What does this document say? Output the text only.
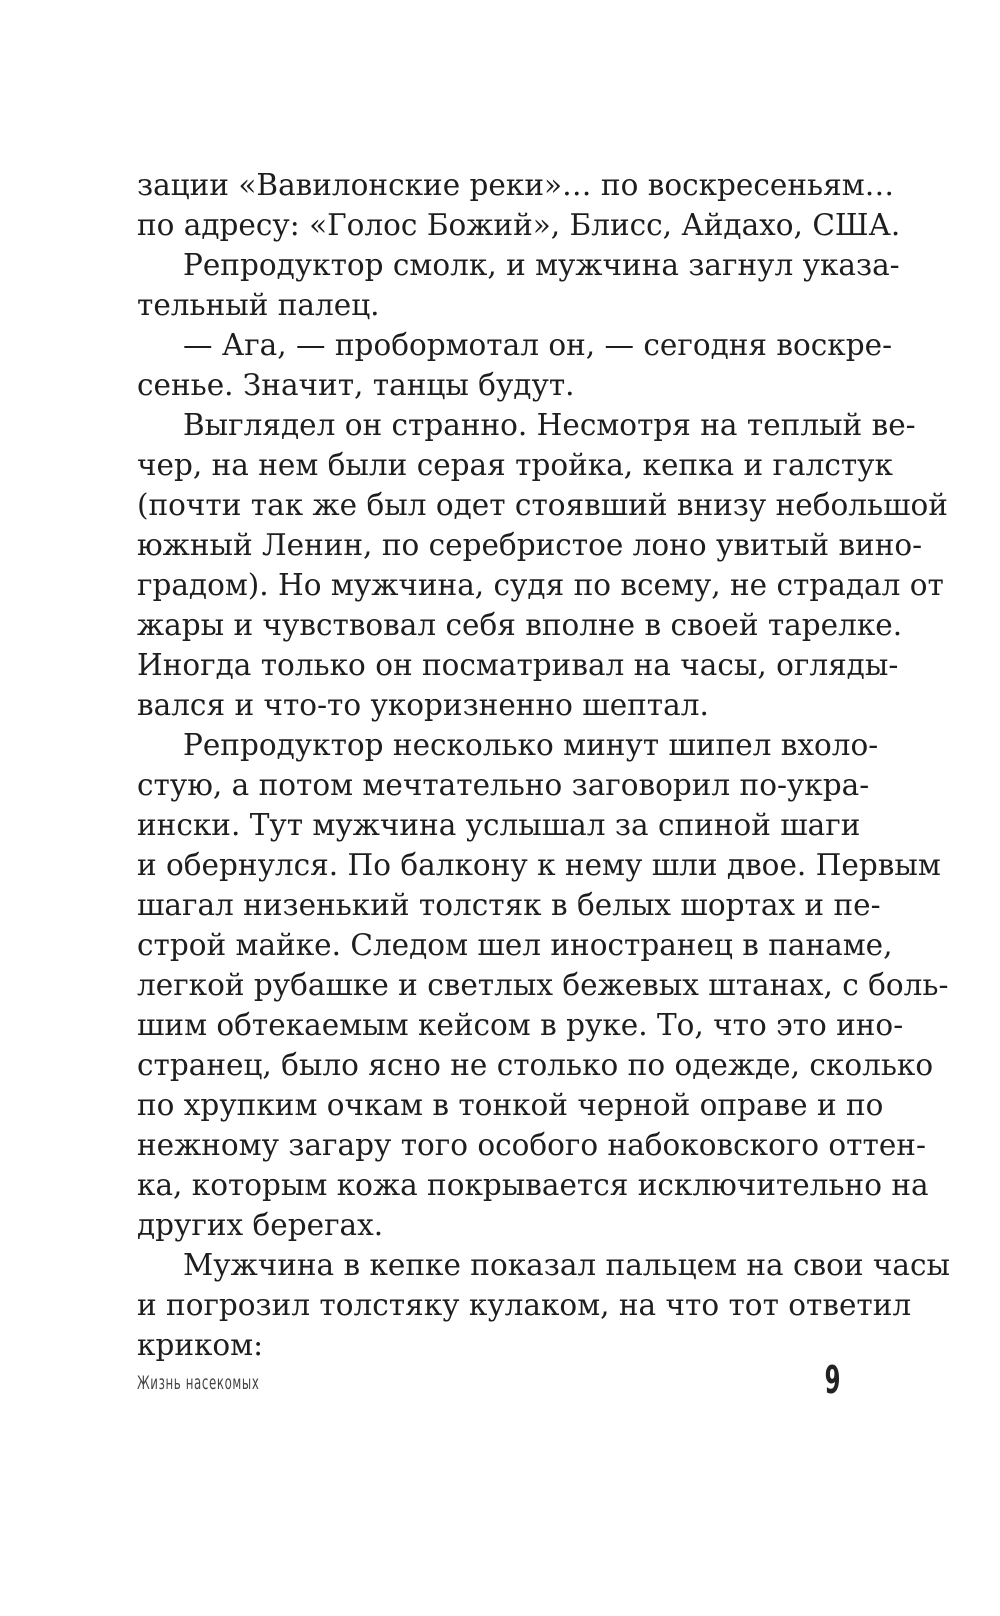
зации «Вавилонские реки»… по воскресеньям…
по адресу: «Голос Божий», Блисс, Айдахо, США.
Репродуктор смолк, и мужчина загнул указа-
тельный палец.
— Ага, — пробормотал он, — сегодня воскре-
сенье. Значит, танцы будут.
Выглядел он странно. Несмотря на теплый ве-
чер, на нем были серая тройка, кепка и галстук
(почти так же был одет стоявший внизу небольшой
южный Ленин, по серебристое лоно увитый вино-
градом). Но мужчина, судя по всему, не страдал от
жары и чувствовал себя вполне в своей тарелке.
Иногда только он посматривал на часы, огляды-
вался и что-то укоризненно шептал.
Репродуктор несколько минут шипел вхоло-
стую, а потом мечтательно заговорил по-укра-
ински. Тут мужчина услышал за спиной шаги
и обернулся. По балкону к нему шли двое. Первым
шагал низенький толстяк в белых шортах и пе-
строй майке. Следом шел иностранец в панаме,
легкой рубашке и светлых бежевых штанах, с боль-
шим обтекаемым кейсом в руке. То, что это ино-
странец, было ясно не столько по одежде, сколько
по хрупким очкам в тонкой черной оправе и по
нежному загару того особого набоковского оттен-
ка, которым кожа покрывается исключительно на
других берегах.
Мужчина в кепке показал пальцем на свои часы
и погрозил толстяку кулаком, на что тот ответил
криком:
Жизнь насекомых	9
